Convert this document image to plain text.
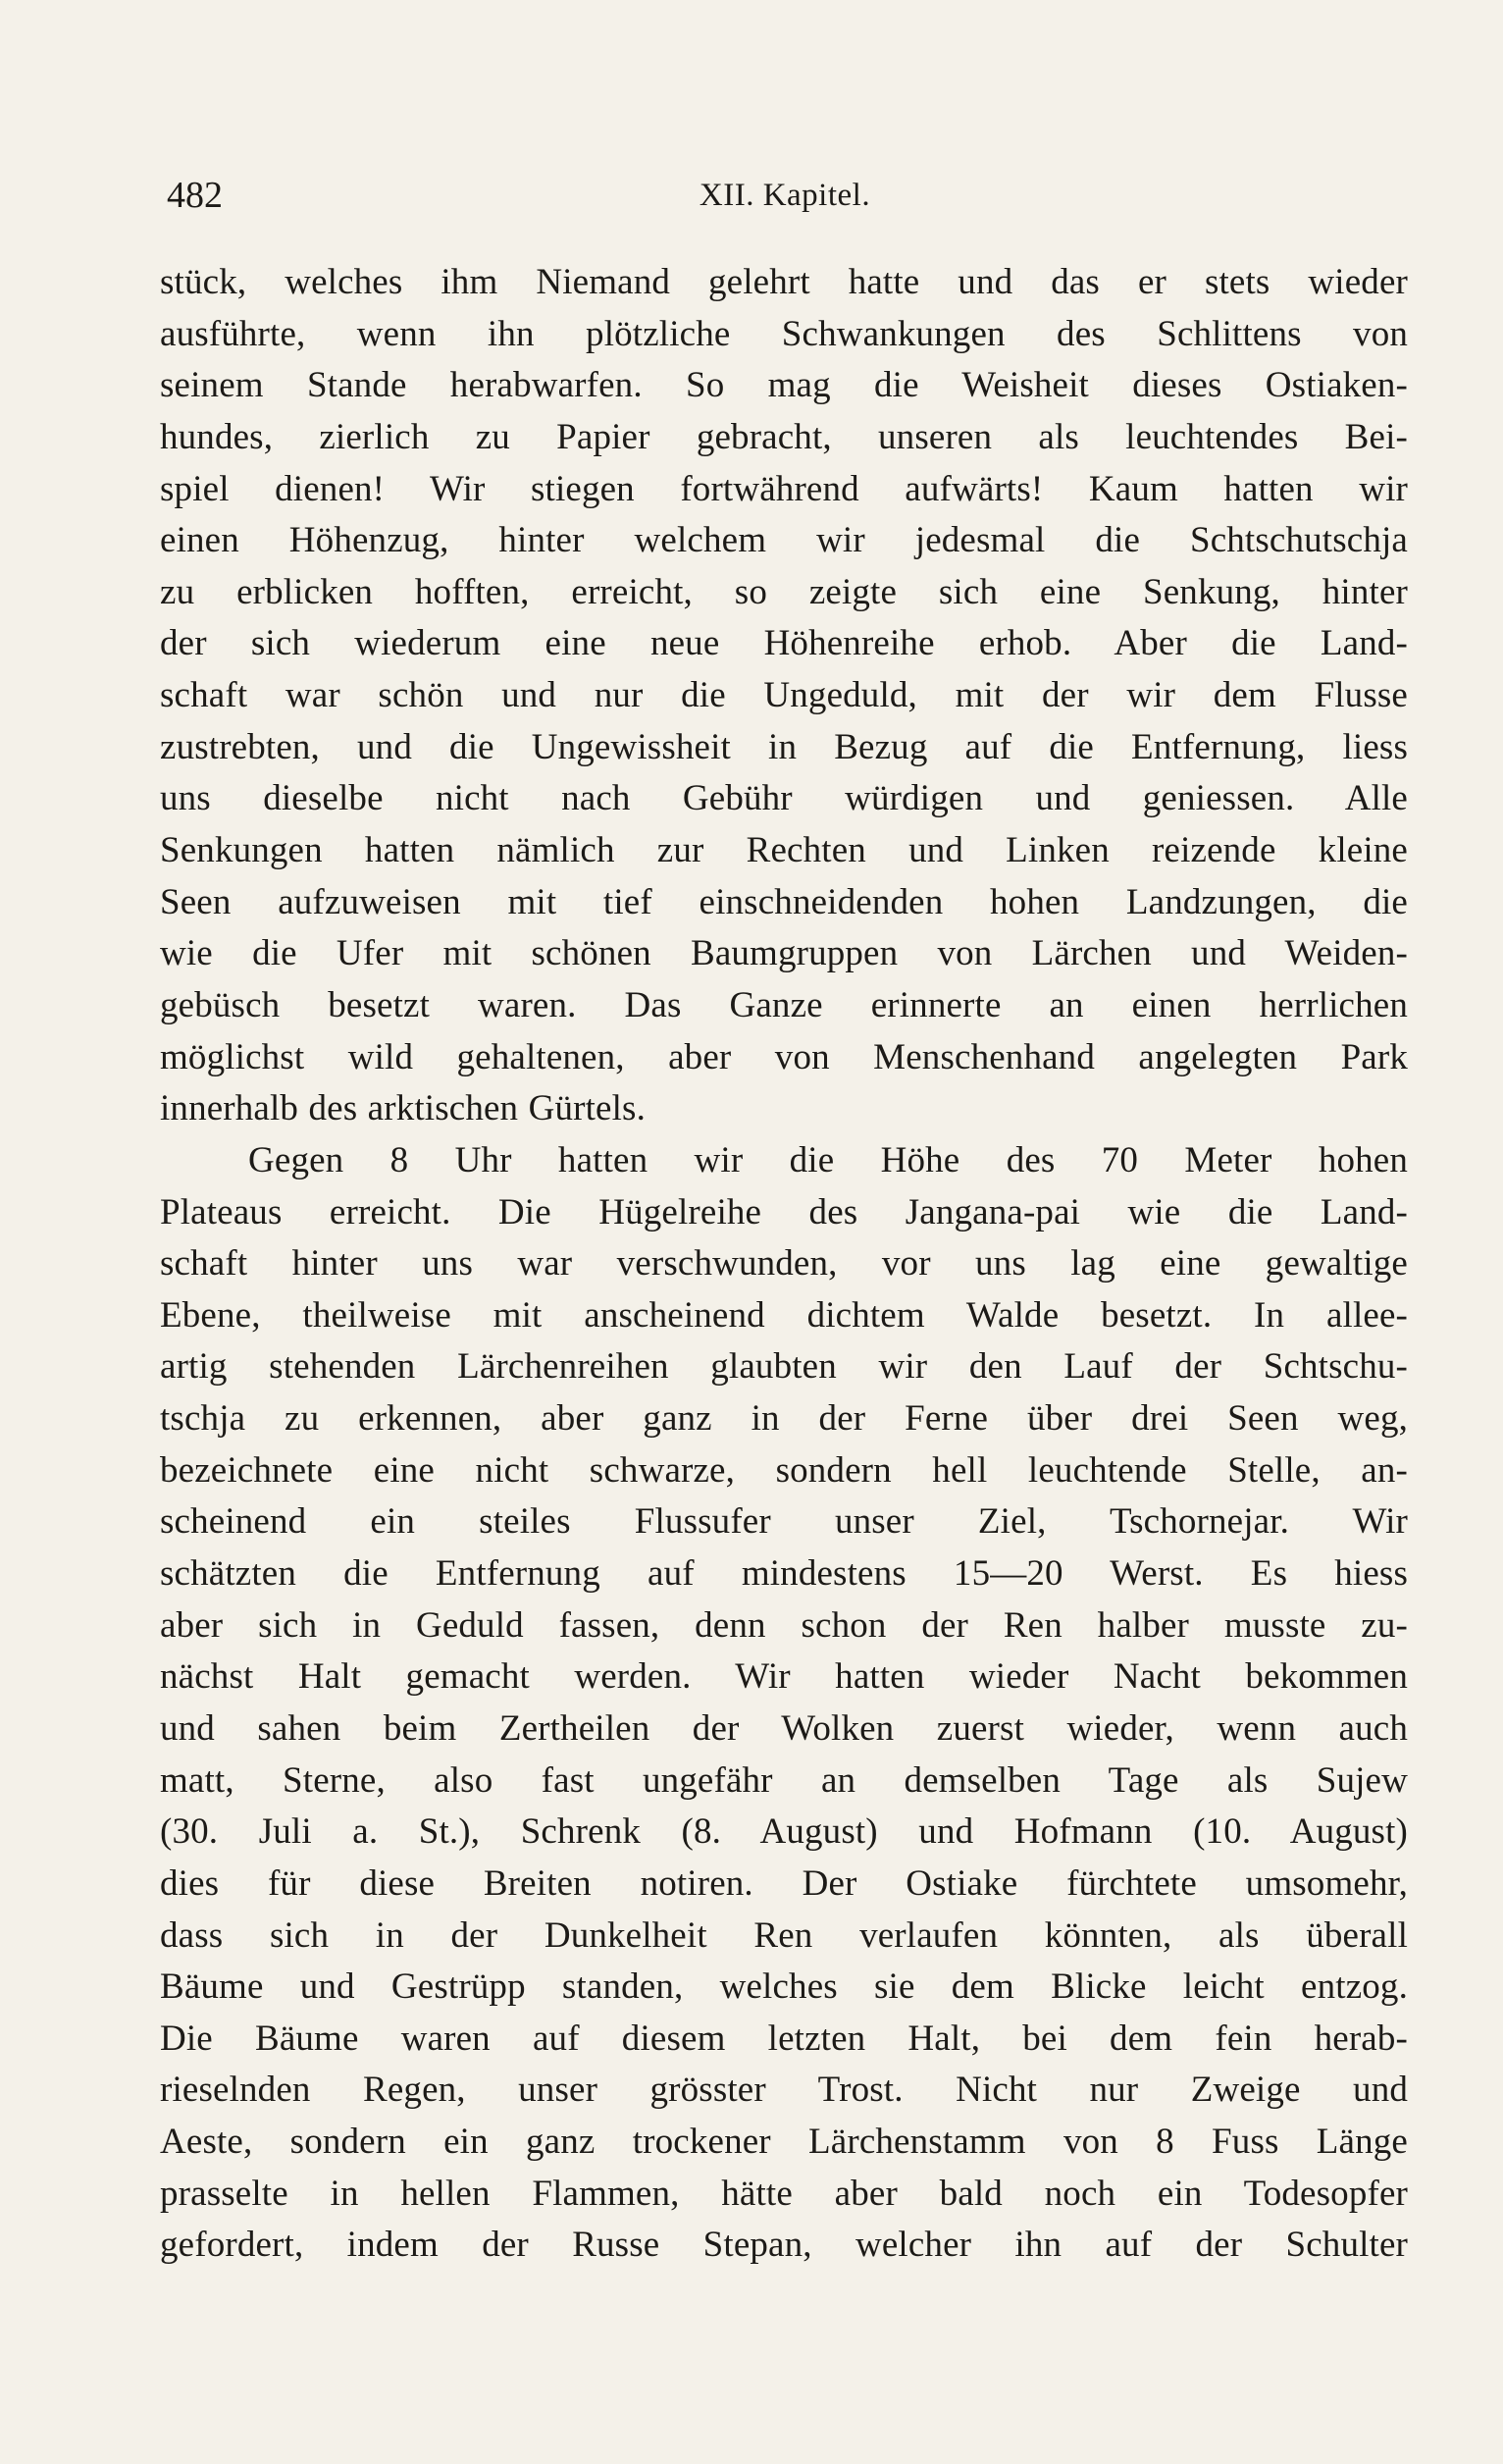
482	XII. Kapitel.
stück, welches ihm Niemand gelehrt hatte und das er stets wieder
ausführte, wenn ihn plötzliche Schwankungen des Schlittens von
seinem Stande herabwarfen. So mag die Weisheit dieses Ostiaken-
hundes, zierlich zu Papier gebracht, unseren als leuchtendes Bei-
spiel dienen! Wir stiegen fortwährend aufwärts! Kaum hatten wir
einen Höhenzug, hinter welchem wir jedesmal die Schtschutschja
zu erblicken hofften, erreicht, so zeigte sich eine Senkung, hinter
der sich wiederum eine neue Höhenreihe erhob. Aber die Land-
schaft war schön und nur die Ungeduld, mit der wir dem Flusse
zustrebten, und die Ungewissheit in Bezug auf die Entfernung, liess
uns dieselbe nicht nach Gebühr würdigen und geniessen. Alle
Senkungen hatten nämlich zur Rechten und Linken reizende kleine
Seen aufzuweisen mit tief einschneidenden hohen Landzungen, die
wie die Ufer mit schönen Baumgruppen von Lärchen und Weiden-
gebüsch besetzt waren. Das Ganze erinnerte an einen herrlichen
möglichst wild gehaltenen, aber von Menschenhand angelegten Park
innerhalb des arktischen Gürtels.
Gegen 8 Uhr hatten wir die Höhe des 70 Meter hohen
Plateaus erreicht. Die Hügelreihe des Jangana-pai wie die Land-
schaft hinter uns war verschwunden, vor uns lag eine gewaltige
Ebene, theilweise mit anscheinend dichtem Walde besetzt. In allee-
artig stehenden Lärchenreihen glaubten wir den Lauf der Schtschu-
tschja zu erkennen, aber ganz in der Ferne über drei Seen weg,
bezeichnete eine nicht schwarze, sondern hell leuchtende Stelle, an-
scheinend ein steiles Flussufer unser Ziel, Tschornejar. Wir
schätzten die Entfernung auf mindestens 15—20 Werst. Es hiess
aber sich in Geduld fassen, denn schon der Ren halber musste zu-
nächst Halt gemacht werden. Wir hatten wieder Nacht bekommen
und sahen beim Zertheilen der Wolken zuerst wieder, wenn auch
matt, Sterne, also fast ungefähr an demselben Tage als Sujew
(30. Juli a. St.), Schrenk (8. August) und Hofmann (10. August)
dies für diese Breiten notiren. Der Ostiake fürchtete umsomehr,
dass sich in der Dunkelheit Ren verlaufen könnten, als überall
Bäume und Gestrüpp standen, welches sie dem Blicke leicht entzog.
Die Bäume waren auf diesem letzten Halt, bei dem fein herab-
rieselnden Regen, unser grösster Trost. Nicht nur Zweige und
Aeste, sondern ein ganz trockener Lärchenstamm von 8 Fuss Länge
prasselte in hellen Flammen, hätte aber bald noch ein Todesopfer
gefordert, indem der Russe Stepan, welcher ihn auf der Schulter
